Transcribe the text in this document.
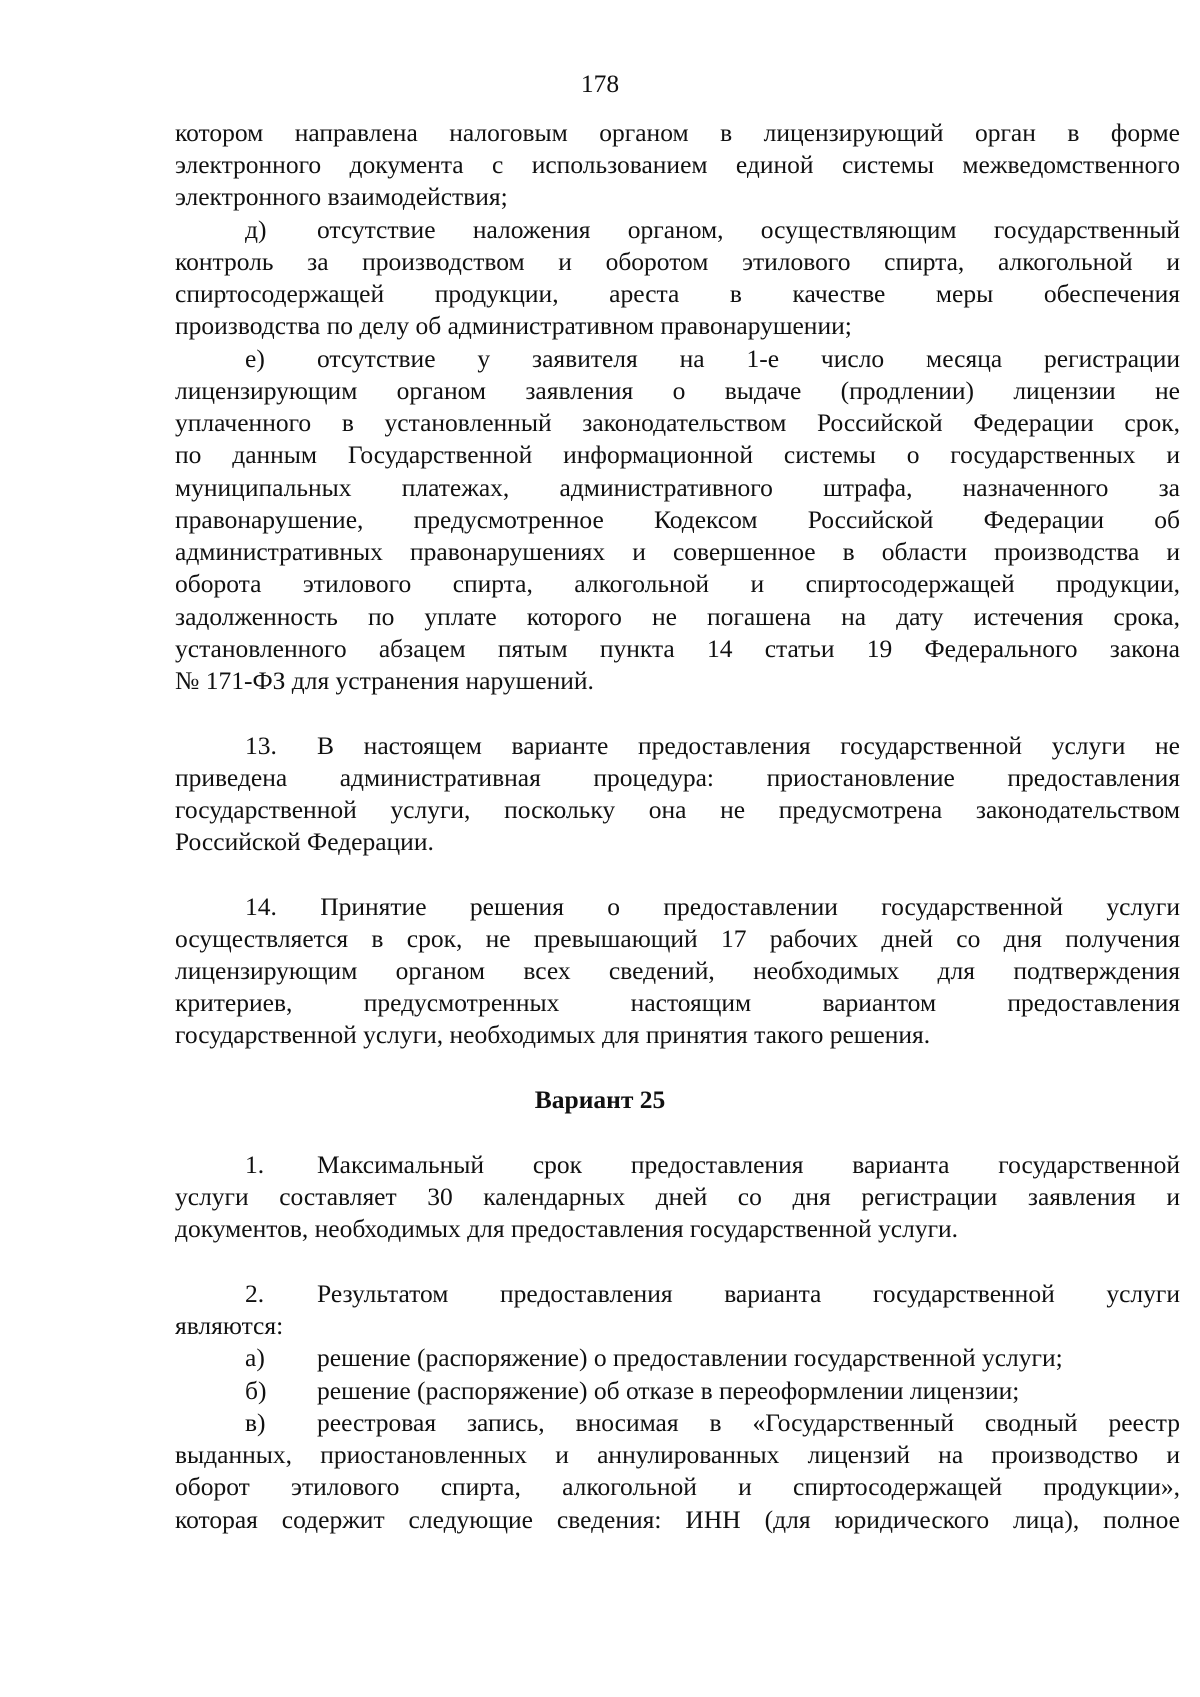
178
котором направлена налоговым органом в лицензирующий орган в форме
электронного документа с использованием единой системы межведомственного
электронного взаимодействия;
д) отсутствие наложения органом, осуществляющим государственный
контроль за производством и оборотом этилового спирта, алкогольной и
спиртосодержащей продукции, ареста в качестве меры обеспечения
производства по делу об административном правонарушении;
е) отсутствие у заявителя на 1-е число месяца регистрации
лицензирующим органом заявления о выдаче (продлении) лицензии не
уплаченного в установленный законодательством Российской Федерации срок,
по данным Государственной информационной системы о государственных и
муниципальных платежах, административного штрафа, назначенного за
правонарушение, предусмотренное Кодексом Российской Федерации об
административных правонарушениях и совершенное в области производства и
оборота этилового спирта, алкогольной и спиртосодержащей продукции,
задолженность по уплате которого не погашена на дату истечения срока,
установленного абзацем пятым пункта 14 статьи 19 Федерального закона
№ 171-ФЗ для устранения нарушений.
13. В настоящем варианте предоставления государственной услуги не
приведена административная процедура: приостановление предоставления
государственной услуги, поскольку она не предусмотрена законодательством
Российской Федерации.
14. Принятие решения о предоставлении государственной услуги
осуществляется в срок, не превышающий 17 рабочих дней со дня получения
лицензирующим органом всех сведений, необходимых для подтверждения
критериев, предусмотренных настоящим вариантом предоставления
государственной услуги, необходимых для принятия такого решения.
Вариант 25
1. Максимальный срок предоставления варианта государственной
услуги составляет 30 календарных дней со дня регистрации заявления и
документов, необходимых для предоставления государственной услуги.
2. Результатом предоставления варианта государственной услуги
являются:
а) решение (распоряжение) о предоставлении государственной услуги;
б) решение (распоряжение) об отказе в переоформлении лицензии;
в) реестровая запись, вносимая в «Государственный сводный реестр
выданных, приостановленных и аннулированных лицензий на производство и
оборот этилового спирта, алкогольной и спиртосодержащей продукции»,
которая содержит следующие сведения: ИНН (для юридического лица), полное
